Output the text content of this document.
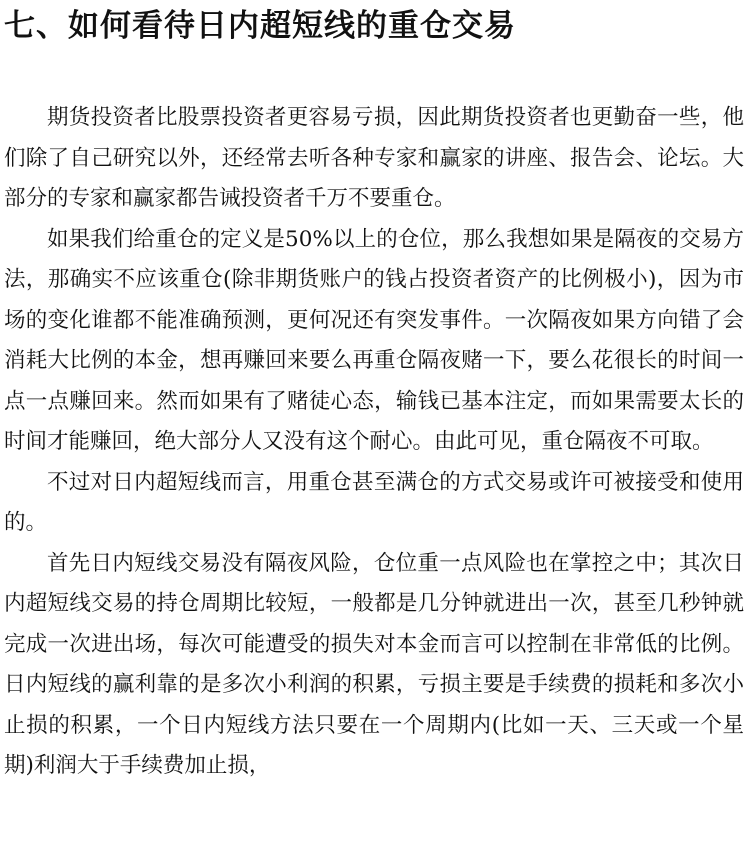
七、如何看待日内超短线的重仓交易

期货投资者比股票投资者更容易亏损，因此期货投资者也更勤奋一些，他们除了自己研究以外，还经常去听各种专家和赢家的讲座、报告会、论坛。大部分的专家和赢家都告诫投资者千万不要重仓。

如果我们给重仓的定义是50%以上的仓位，那么我想如果是隔夜的交易方法，那确实不应该重仓(除非期货账户的钱占投资者资产的比例极小)，因为市场的变化谁都不能准确预测，更何况还有突发事件。一次隔夜如果方向错了会消耗大比例的本金，想再赚回来要么再重仓隔夜赌一下，要么花很长的时间一点一点赚回来。然而如果有了赌徒心态，输钱已基本注定，而如果需要太长的时间才能赚回，绝大部分人又没有这个耐心。由此可见，重仓隔夜不可取。

不过对日内超短线而言，用重仓甚至满仓的方式交易或许可被接受和使用的。

首先日内短线交易没有隔夜风险，仓位重一点风险也在掌控之中；其次日内超短线交易的持仓周期比较短，一般都是几分钟就进出一次，甚至几秒钟就完成一次进出场，每次可能遭受的损失对本金而言可以控制在非常低的比例。日内短线的赢利靠的是多次小利润的积累，亏损主要是手续费的损耗和多次小止损的积累，一个日内短线方法只要在一个周期内(比如一天、三天或一个星期)利润大于手续费加止损，
